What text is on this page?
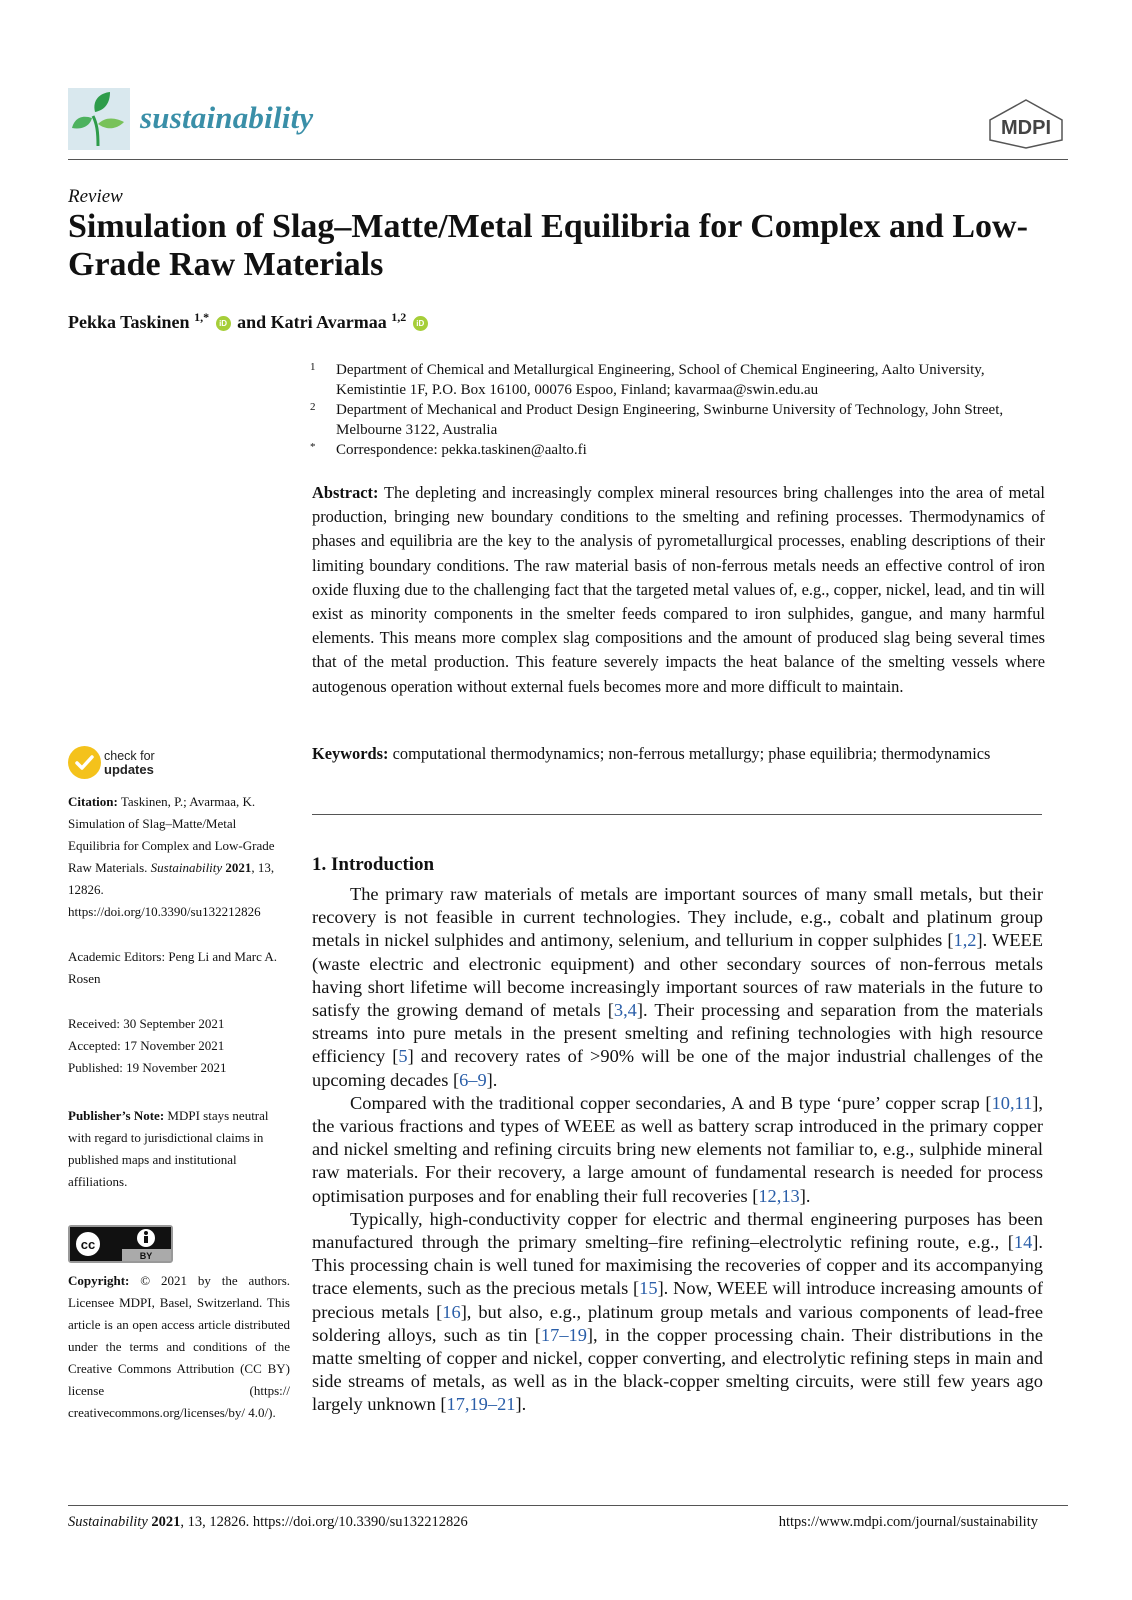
sustainability	MDPI
Review
Simulation of Slag–Matte/Metal Equilibria for Complex and Low-Grade Raw Materials
Pekka Taskinen $^{1,*}$ iD and Katri Avarmaa $^{1,2}$ iD
1 Department of Chemical and Metallurgical Engineering, School of Chemical Engineering, Aalto University, Kemistintie 1F, P.O. Box 16100, 00076 Espoo, Finland; kavarmaa@swin.edu.au
2 Department of Mechanical and Product Design Engineering, Swinburne University of Technology, John Street, Melbourne 3122, Australia
* Correspondence: pekka.taskinen@aalto.fi
Abstract: The depleting and increasingly complex mineral resources bring challenges into the area of metal production, bringing new boundary conditions to the smelting and refining processes. Thermodynamics of phases and equilibria are the key to the analysis of pyrometallurgical processes, enabling descriptions of their limiting boundary conditions. The raw material basis of non-ferrous metals needs an effective control of iron oxide fluxing due to the challenging fact that the targeted metal values of, e.g., copper, nickel, lead, and tin will exist as minority components in the smelter feeds compared to iron sulphides, gangue, and many harmful elements. This means more complex slag compositions and the amount of produced slag being several times that of the metal production. This feature severely impacts the heat balance of the smelting vessels where autogenous operation without external fuels becomes more and more difficult to maintain.
Keywords: computational thermodynamics; non-ferrous metallurgy; phase equilibria; thermodynamics
1. Introduction

The primary raw materials of metals are important sources of many small metals, but their recovery is not feasible in current technologies. They include, e.g., cobalt and platinum group metals in nickel sulphides and antimony, selenium, and tellurium in copper sulphides [1,2]. WEEE (waste electric and electronic equipment) and other secondary sources of non-ferrous metals having short lifetime will become increasingly important sources of raw materials in the future to satisfy the growing demand of metals [3,4]. Their processing and separation from the materials streams into pure metals in the present smelting and refining technologies with high resource efficiency [5] and recovery rates of >90% will be one of the major industrial challenges of the upcoming decades [6–9].

Compared with the traditional copper secondaries, A and B type ‘pure’ copper scrap [10,11], the various fractions and types of WEEE as well as battery scrap introduced in the primary copper and nickel smelting and refining circuits bring new elements not familiar to, e.g., sulphide mineral raw materials. For their recovery, a large amount of fundamental research is needed for process optimisation purposes and for enabling their full recoveries [12,13].

Typically, high-conductivity copper for electric and thermal engineering purposes has been manufactured through the primary smelting–fire refining–electrolytic refining route, e.g., [14]. This processing chain is well tuned for maximising the recoveries of copper and its accompanying trace elements, such as the precious metals [15]. Now, WEEE will introduce increasing amounts of precious metals [16], but also, e.g., platinum group metals and various components of lead-free soldering alloys, such as tin [17–19], in the copper processing chain. Their distributions in the matte smelting of copper and nickel, copper converting, and electrolytic refining steps in main and side streams of metals, as well as in the black-copper smelting circuits, were still few years ago largely unknown [17,19–21].

check for
updates
Citation: Taskinen, P.; Avarmaa, K. Simulation of Slag–Matte/Metal Equilibria for Complex and Low-Grade Raw Materials. Sustainability 2021, 13, 12826. https://doi.org/10.3390/su132212826
Academic Editors: Peng Li and Marc A. Rosen
Received: 30 September 2021
Accepted: 17 November 2021
Published: 19 November 2021
Publisher’s Note: MDPI stays neutral with regard to jurisdictional claims in published maps and institutional affiliations.
cc
BY
Copyright: © 2021 by the authors. Licensee MDPI, Basel, Switzerland. This article is an open access article distributed under the terms and conditions of the Creative Commons Attribution (CC BY) license (https:// creativecommons.org/licenses/by/ 4.0/).
Sustainability 2021, 13, 12826. https://doi.org/10.3390/su132212826	https://www.mdpi.com/journal/sustainability
